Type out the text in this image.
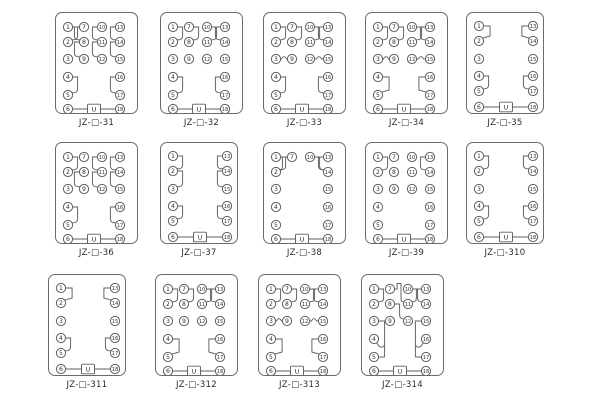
U
1
2
3
4
5
6
7
8
9
10
11
12
13
14
15
16
17
18
JZ-□-31
U
1
2
3
4
5
6
7
8
9
10
11
12
13
14
15
16
17
18
JZ-□-32
U
1
2
3
4
5
6
7
8
9
10
11
12
13
14
15
16
17
18
JZ-□-33
U
1
2
3
4
5
6
7
8
9
10
11
12
13
14
15
16
17
18
JZ-□-34
U
1
2
3
4
5
6
13
14
15
16
17
18
JZ-□-35
U
1
2
3
4
5
6
7
8
9
10
11
12
13
14
15
16
17
18
JZ-□-36
U
1
2
3
4
5
6
13
14
15
16
17
18
JZ-□-37
U
1
2
3
4
5
6
7 10 13
14
15
16
17
18
JZ-□-38
U
1
2
3
4
5
6
7
8
9
10
11
12
13
14
15
16
17
18
JZ-□-39
U
1
2
3
4
5
6
13
14
15
16
17
18
JZ-□-310
U
1
2
3
4
5
6
13
14
15
16
17
18
JZ-□-311
U
1
2
3
4
5
6
7
8
9
10
11
12
13
14
15
16
17
18
JZ-□-312
U
1
2
3
4
5
6
7
8
9
10
11
12
13
14
15
16
17
18
JZ-□-313
U
1
2
3
4
5
6
7
8
9
10
11
12
13
14
15
16
17
18
JZ-□-314
